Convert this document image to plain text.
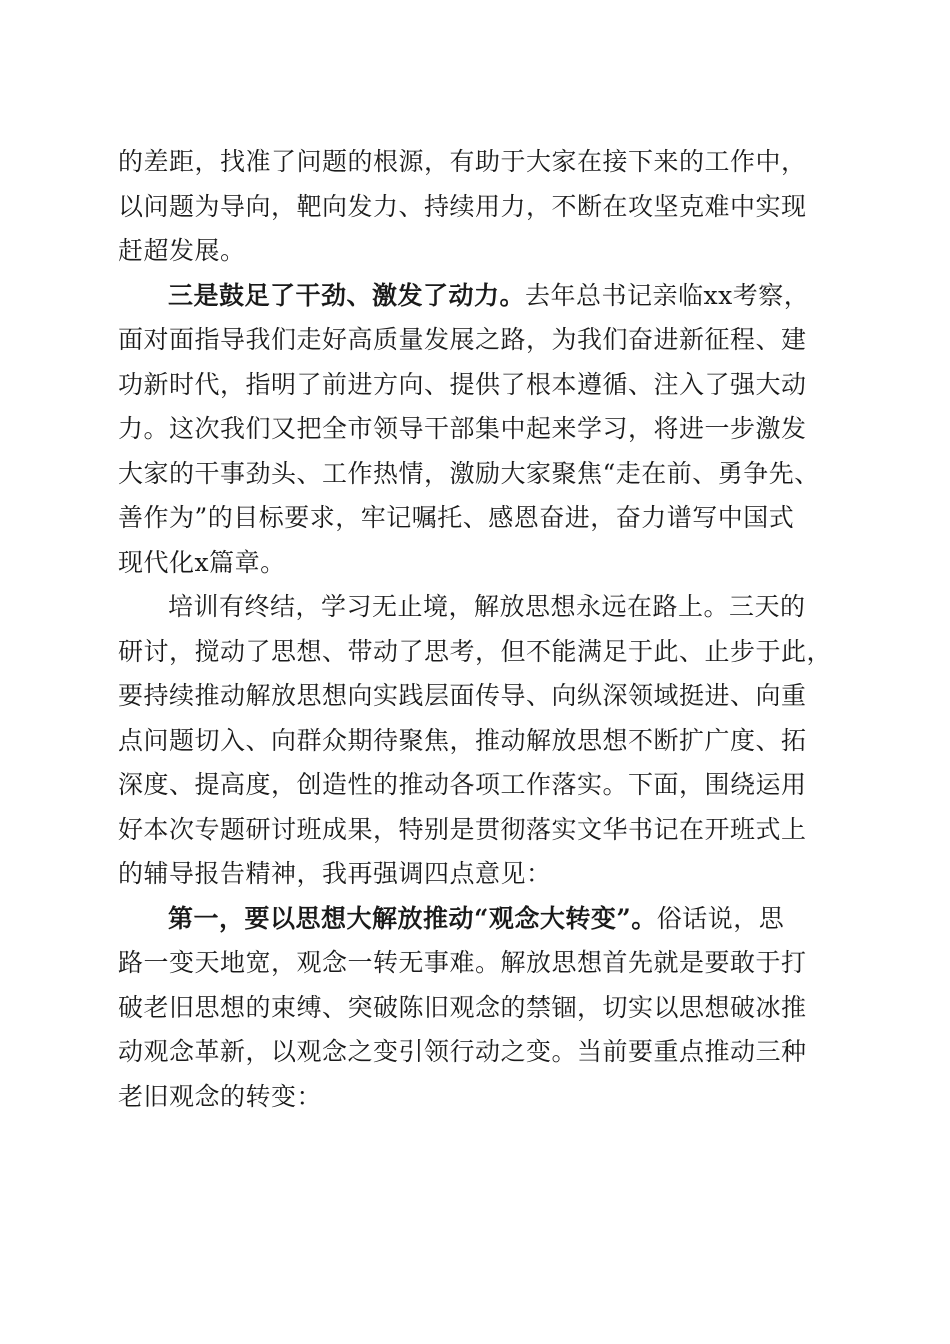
的差距，找准了问题的根源，有助于大家在接下来的工作中，
以问题为导向，靶向发力、持续用力，不断在攻坚克难中实现
赶超发展。
三是鼓足了干劲、激发了动力。去年总书记亲临xx考察，
面对面指导我们走好高质量发展之路，为我们奋进新征程、建
功新时代，指明了前进方向、提供了根本遵循、注入了强大动
力。这次我们又把全市领导干部集中起来学习，将进一步激发
大家的干事劲头、工作热情，激励大家聚焦“走在前、勇争先、
善作为”的目标要求，牢记嘱托、感恩奋进，奋力谱写中国式
现代化x篇章。
培训有终结，学习无止境，解放思想永远在路上。三天的
研讨，搅动了思想、带动了思考，但不能满足于此、止步于此，
要持续推动解放思想向实践层面传导、向纵深领域挺进、向重
点问题切入、向群众期待聚焦，推动解放思想不断扩广度、拓
深度、提高度，创造性的推动各项工作落实。下面，围绕运用
好本次专题研讨班成果，特别是贯彻落实文华书记在开班式上
的辅导报告精神，我再强调四点意见：
第一，要以思想大解放推动“观念大转变”。俗话说，思
路一变天地宽，观念一转无事难。解放思想首先就是要敢于打
破老旧思想的束缚、突破陈旧观念的禁锢，切实以思想破冰推
动观念革新，以观念之变引领行动之变。当前要重点推动三种
老旧观念的转变：
